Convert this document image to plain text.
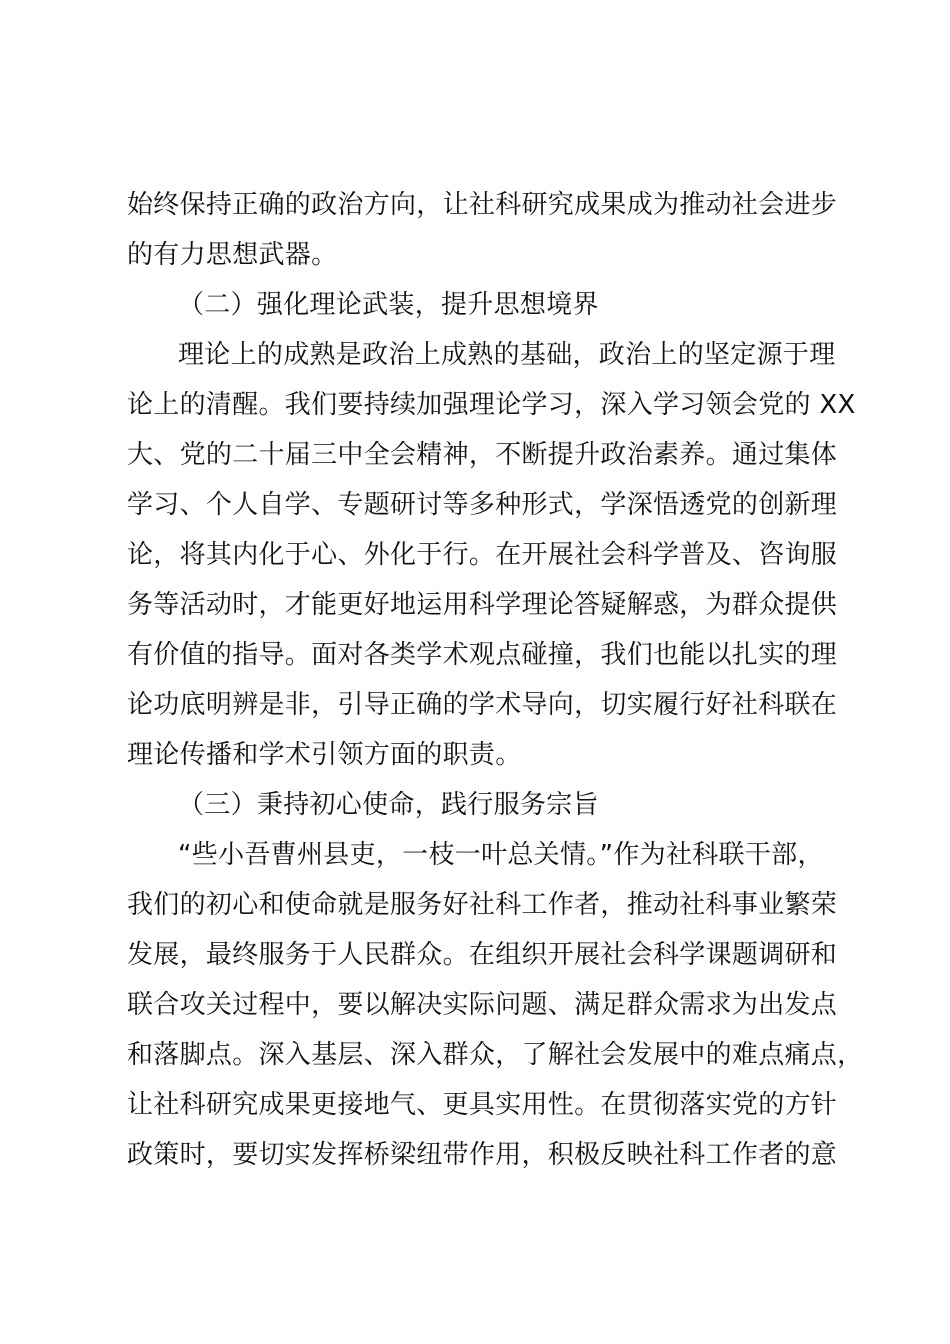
始终保持正确的政治方向，让社科研究成果成为推动社会进步
的有力思想武器。
（二）强化理论武装，提升思想境界
理论上的成熟是政治上成熟的基础，政治上的坚定源于理
论上的清醒。我们要持续加强理论学习，深入学习领会党的 XX
大、党的二十届三中全会精神，不断提升政治素养。通过集体
学习、个人自学、专题研讨等多种形式，学深悟透党的创新理
论，将其内化于心、外化于行。在开展社会科学普及、咨询服
务等活动时，才能更好地运用科学理论答疑解惑，为群众提供
有价值的指导。面对各类学术观点碰撞，我们也能以扎实的理
论功底明辨是非，引导正确的学术导向，切实履行好社科联在
理论传播和学术引领方面的职责。
（三）秉持初心使命，践行服务宗旨
“些小吾曹州县吏，一枝一叶总关情。”作为社科联干部，
我们的初心和使命就是服务好社科工作者，推动社科事业繁荣
发展，最终服务于人民群众。在组织开展社会科学课题调研和
联合攻关过程中，要以解决实际问题、满足群众需求为出发点
和落脚点。深入基层、深入群众，了解社会发展中的难点痛点，
让社科研究成果更接地气、更具实用性。在贯彻落实党的方针
政策时，要切实发挥桥梁纽带作用，积极反映社科工作者的意
